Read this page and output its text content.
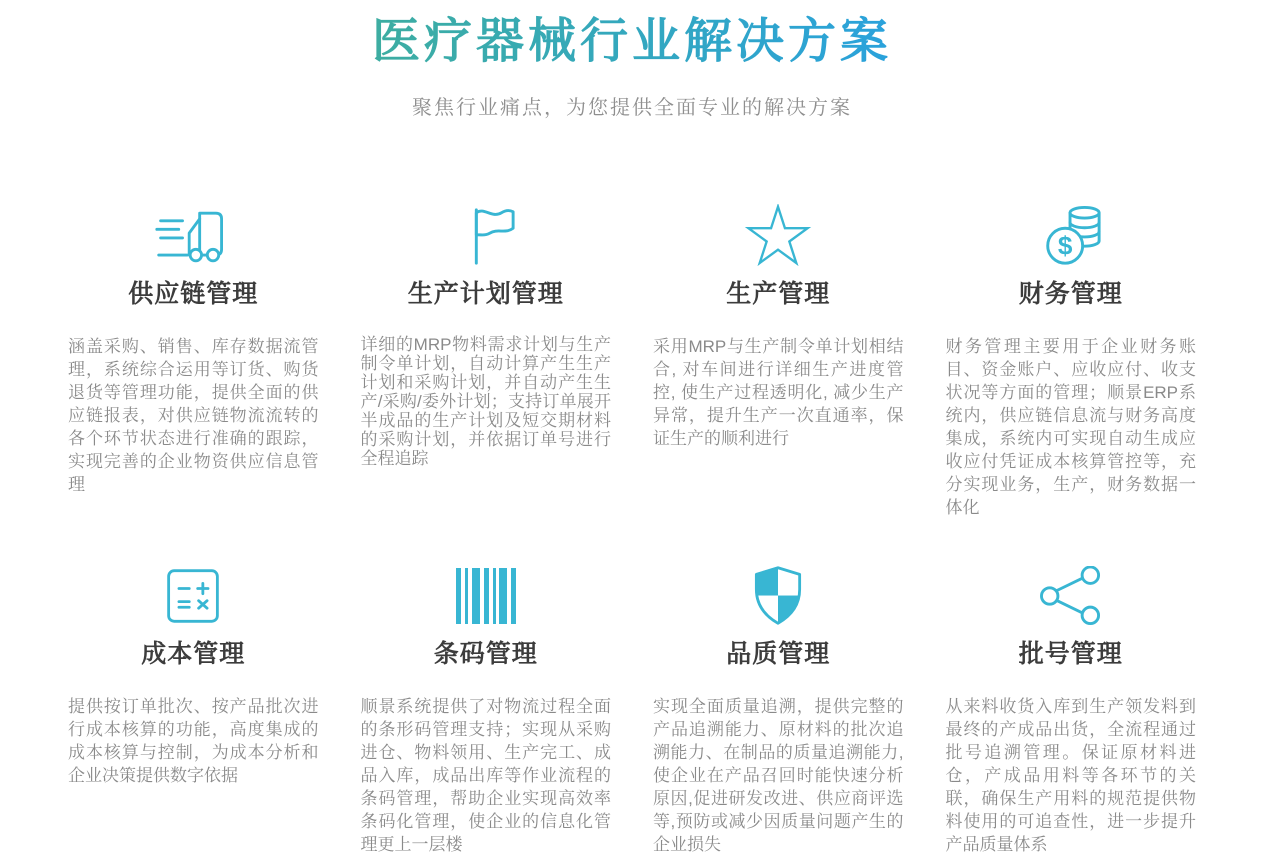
医疗器械行业解决方案
聚焦行业痛点，为您提供全面专业的解决方案
供应链管理
涵盖采购、销售、库存数据流管理，系统综合运用等订货、购货退货等管理功能，提供全面的供应链报表，对供应链物流流转的各个环节状态进行准确的跟踪，实现完善的企业物资供应信息管理
生产计划管理
详细的MRP物料需求计划与生产制令单计划，自动计算产生生产计划和采购计划，并自动产生生产/采购/委外计划；支持订单展开半成品的生产计划及短交期材料的采购计划，并依据订单号进行全程追踪
生产管理
采用MRP与生产制令单计划相结合, 对车间进行详细生产进度管控, 使生产过程透明化, 减少生产异常，提升生产一次直通率，保证生产的顺利进行
$
财务管理
财务管理主要用于企业财务账目、资金账户、应收应付、收支状况等方面的管理；顺景ERP系统内，供应链信息流与财务高度集成，系统内可实现自动生成应收应付凭证成本核算管控等，充分实现业务，生产，财务数据一体化
成本管理
提供按订单批次、按产品批次进行成本核算的功能，高度集成的成本核算与控制，为成本分析和企业决策提供数字依据
条码管理
顺景系统提供了对物流过程全面的条形码管理支持；实现从采购进仓、物料领用、生产完工、成品入库，成品出库等作业流程的条码管理，帮助企业实现高效率条码化管理，使企业的信息化管理更上一层楼
品质管理
实现全面质量追溯，提供完整的产品追溯能力、原材料的批次追溯能力、在制品的质量追溯能力,使企业在产品召回时能快速分析原因,促进研发改进、供应商评选等,预防或减少因质量问题产生的企业损失
批号管理
从来料收货入库到生产领发料到最终的产成品出货，全流程通过批号追溯管理。保证原材料进仓，产成品用料等各环节的关联，确保生产用料的规范提供物料使用的可追查性，进一步提升产品质量体系
